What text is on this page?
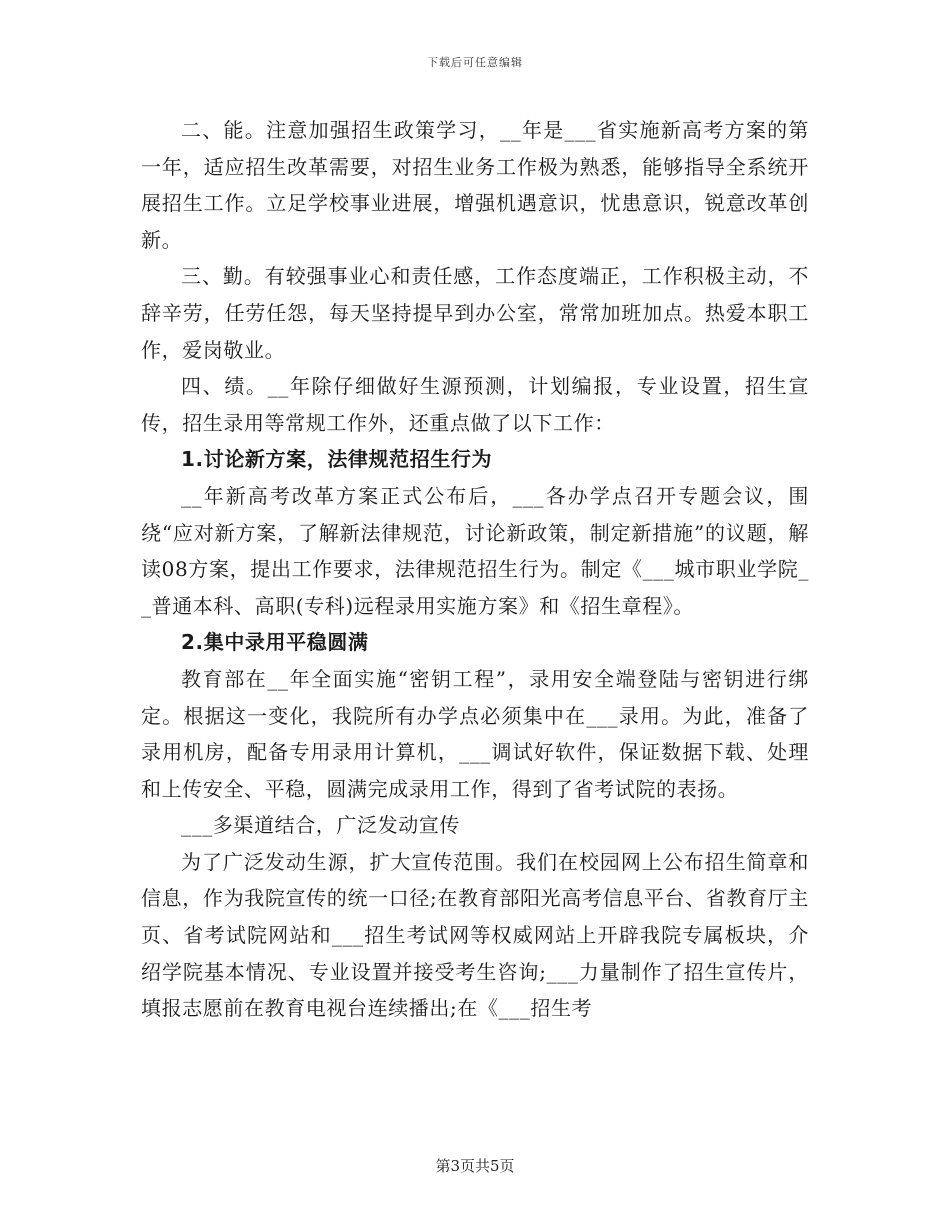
下载后可任意编辑

二、能。注意加强招生政策学习，__年是___省实施新高考方案的第一年，适应招生改革需要，对招生业务工作极为熟悉，能够指导全系统开展招生工作。立足学校事业进展，增强机遇意识，忧患意识，锐意改革创新。

三、勤。有较强事业心和责任感，工作态度端正，工作积极主动，不辞辛劳，任劳任怨，每天坚持提早到办公室，常常加班加点。热爱本职工作，爱岗敬业。

四、绩。__年除仔细做好生源预测，计划编报，专业设置，招生宣传，招生录用等常规工作外，还重点做了以下工作：

1.讨论新方案，法律规范招生行为

__年新高考改革方案正式公布后，___各办学点召开专题会议，围绕“应对新方案，了解新法律规范，讨论新政策，制定新措施”的议题，解读08方案，提出工作要求，法律规范招生行为。制定《___城市职业学院__普通本科、高职(专科)远程录用实施方案》和《招生章程》。

2.集中录用平稳圆满

教育部在__年全面实施“密钥工程”，录用安全端登陆与密钥进行绑定。根据这一变化，我院所有办学点必须集中在___录用。为此，准备了录用机房，配备专用录用计算机，___调试好软件，保证数据下载、处理和上传安全、平稳，圆满完成录用工作，得到了省考试院的表扬。

___多渠道结合，广泛发动宣传

为了广泛发动生源，扩大宣传范围。我们在校园网上公布招生简章和信息，作为我院宣传的统一口径;在教育部阳光高考信息平台、省教育厅主页、省考试院网站和___招生考试网等权威网站上开辟我院专属板块，介绍学院基本情况、专业设置并接受考生咨询;___力量制作了招生宣传片，填报志愿前在教育电视台连续播出;在《___招生考

第3页共5页
